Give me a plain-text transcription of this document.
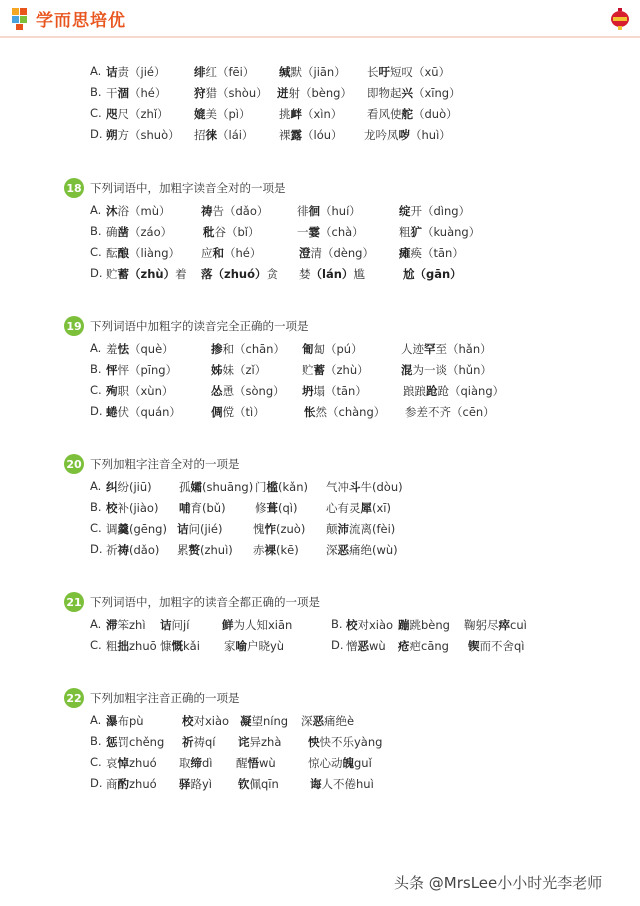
学而思培优
A. 诘责（jié） 绯红（fēi） 缄默（jiān） 长吁短叹（xū）
B. 干涸（hé） 狩猎（shòu） 迸射（bèng） 即物起兴（xīng）
C. 咫尺（zhǐ） 媲美（pì） 挑衅（xìn） 看风使舵（duò）
D. 朔方（shuò） 招徕（lái） 裸露（lóu） 龙吟凤哕（huì）
18 下列词语中，加粗字读音全对的一项是
A. 沐浴（mù）	祷告（dǎo） 徘徊（huí）	绽开（dìng）
B. 确凿（záo）	秕谷（bǐ）	一霎（chà）	粗犷（kuàng）
C. 酝酿（liàng） 应和（hé）	澄清（dèng） 瘫痪（tān）
D. 贮蓄（zhù）着 落（zhuó）贪 婪（lán）尴	尬（gān）
19 下列词语中加粗字的读音完全正确的一项是
A. 羞怯（què）	掺和（chān） 匍匐（pú）	人迹罕至（hǎn）
B. 怦怦（pīng）	姊妹（zǐ）	贮蓄（zhù）	混为一谈（hǔn）
C. 殉职（xùn）	怂恿（sòng） 坍塌（tān）	踉踉跄跄（qiàng）
D. 蜷伏（quán）	倜傥（tì）	怅然（chàng） 参差不齐（cēn）
20 下列加粗字注音全对的一项是
A. 纠纷(jiū) 孤孀(shuāng) 门槛(kǎn) 气冲斗牛(dòu)
B. 校补(jiào) 哺育(bǔ)	修葺(qì) 心有灵犀(xī)
C. 调羹(gēng) 诘问(jié)	愧怍(zuò) 颠沛流离(fèi)
D. 祈祷(dǎo) 累赘(zhuì) 赤裸(kē) 深恶痛绝(wù)
21 下列词语中，加粗字的读音全都正确的一项是
A. 滞笨zhì 诘问jí	鲜为人知xiān	B. 校对xiào 蹦跳bèng 鞠躬尽瘁cuì
C. 粗拙zhuō 慷慨kǎi 家喻户晓yù	D. 憎恶wù 疮疤cāng 锲而不舍qì
22 下列加粗字注音正确的一项是
A. 瀑布pù	校对xiào 凝望níng 深恶痛绝è
B. 惩罚chěng 祈祷qí 诧异zhà 怏快不乐yàng
C. 哀悼zhuó 取缔dì 醒悟wù	惊心动魄guǐ
D. 商酌zhuó 驿路yì 钦佩qīn	诲人不倦huì
头条 @MrsLee小小时光李老师
